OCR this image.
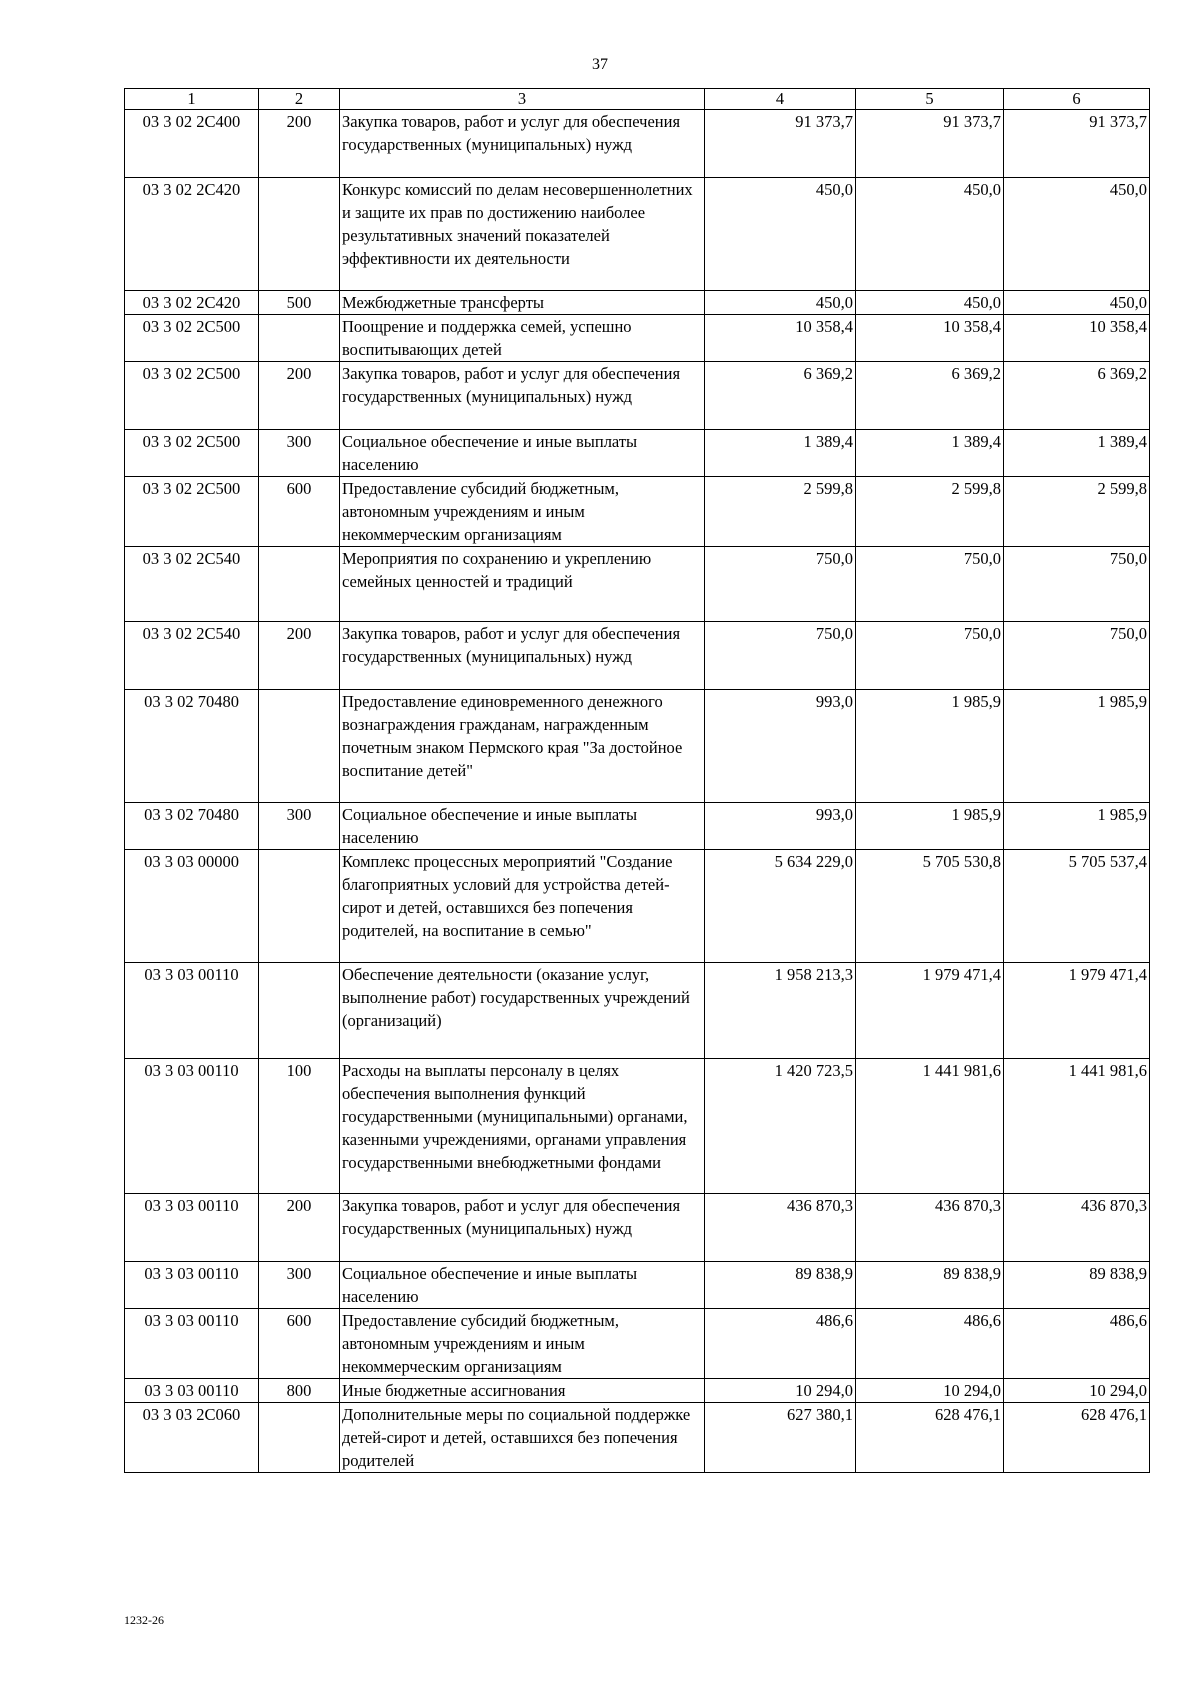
37
1	2	3	4	5	6
03 3 02 2С400	200	Закупка товаров, работ и услуг для обеспечения государственных (муниципальных) нужд	91 373,7	91 373,7	91 373,7
03 3 02 2С420		Конкурс комиссий по делам несовершеннолетних и защите их прав по достижению наиболее результативных значений показателей эффективности их деятельности	450,0	450,0	450,0
03 3 02 2С420	500	Межбюджетные трансферты	450,0	450,0	450,0
03 3 02 2С500		Поощрение и поддержка семей, успешно воспитывающих детей	10 358,4	10 358,4	10 358,4
03 3 02 2С500	200	Закупка товаров, работ и услуг для обеспечения государственных (муниципальных) нужд	6 369,2	6 369,2	6 369,2
03 3 02 2С500	300	Социальное обеспечение и иные выплаты населению	1 389,4	1 389,4	1 389,4
03 3 02 2С500	600	Предоставление субсидий бюджетным, автономным учреждениям и иным некоммерческим организациям	2 599,8	2 599,8	2 599,8
03 3 02 2С540		Мероприятия по сохранению и укреплению семейных ценностей и традиций	750,0	750,0	750,0
03 3 02 2С540	200	Закупка товаров, работ и услуг для обеспечения государственных (муниципальных) нужд	750,0	750,0	750,0
03 3 02 70480		Предоставление единовременного денежного вознаграждения гражданам, награжденным почетным знаком Пермского края "За достойное воспитание детей"	993,0	1 985,9	1 985,9
03 3 02 70480	300	Социальное обеспечение и иные выплаты населению	993,0	1 985,9	1 985,9
03 3 03 00000		Комплекс процессных мероприятий "Создание благоприятных условий для устройства детей-сирот и детей, оставшихся без попечения родителей, на воспитание в семью"	5 634 229,0	5 705 530,8	5 705 537,4
03 3 03 00110		Обеспечение деятельности (оказание услуг, выполнение работ) государственных учреждений (организаций)	1 958 213,3	1 979 471,4	1 979 471,4
03 3 03 00110	100	Расходы на выплаты персоналу в целях обеспечения выполнения функций государственными (муниципальными) органами, казенными учреждениями, органами управления государственными внебюджетными фондами	1 420 723,5	1 441 981,6	1 441 981,6
03 3 03 00110	200	Закупка товаров, работ и услуг для обеспечения государственных (муниципальных) нужд	436 870,3	436 870,3	436 870,3
03 3 03 00110	300	Социальное обеспечение и иные выплаты населению	89 838,9	89 838,9	89 838,9
03 3 03 00110	600	Предоставление субсидий бюджетным, автономным учреждениям и иным некоммерческим организациям	486,6	486,6	486,6
03 3 03 00110	800	Иные бюджетные ассигнования	10 294,0	10 294,0	10 294,0
03 3 03 2С060		Дополнительные меры по социальной поддержке детей-сирот и детей, оставшихся без попечения родителей	627 380,1	628 476,1	628 476,1
1232-26
